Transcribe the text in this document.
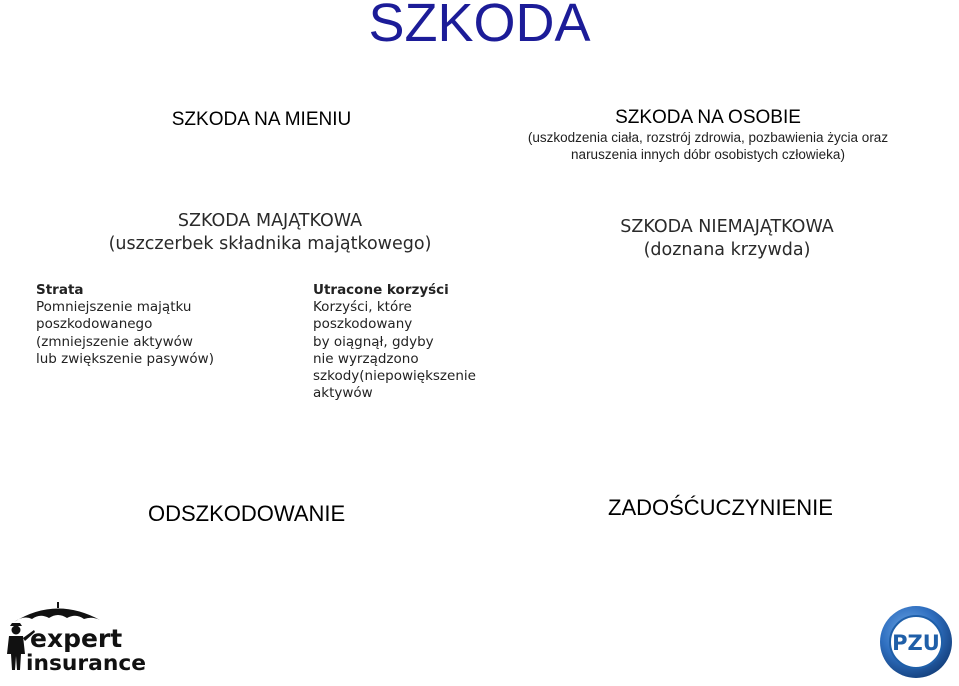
SZKODA
SZKODA NA MIENIU	SZKODA NA OSOBIE
(uszkodzenia ciała, rozstrój zdrowia, pozbawienia życia oraz
naruszenia innych dóbr osobistych człowieka)
SZKODA MAJĄTKOWA
(uszczerbek składnika majątkowego)
SZKODA NIEMAJĄTKOWA
(doznana krzywda)
Strata
Pomniejszenie majątku
poszkodowanego
(zmniejszenie aktywów
lub zwiększenie pasywów)
Utracone korzyści
Korzyści, które
poszkodowany
by oiągnął, gdyby
nie wyrządzono
szkody(niepowiększenie
aktywów
ODSZKODOWANIE	ZADOŚĆUCZYNIENIE
expert
insurance
PZU
